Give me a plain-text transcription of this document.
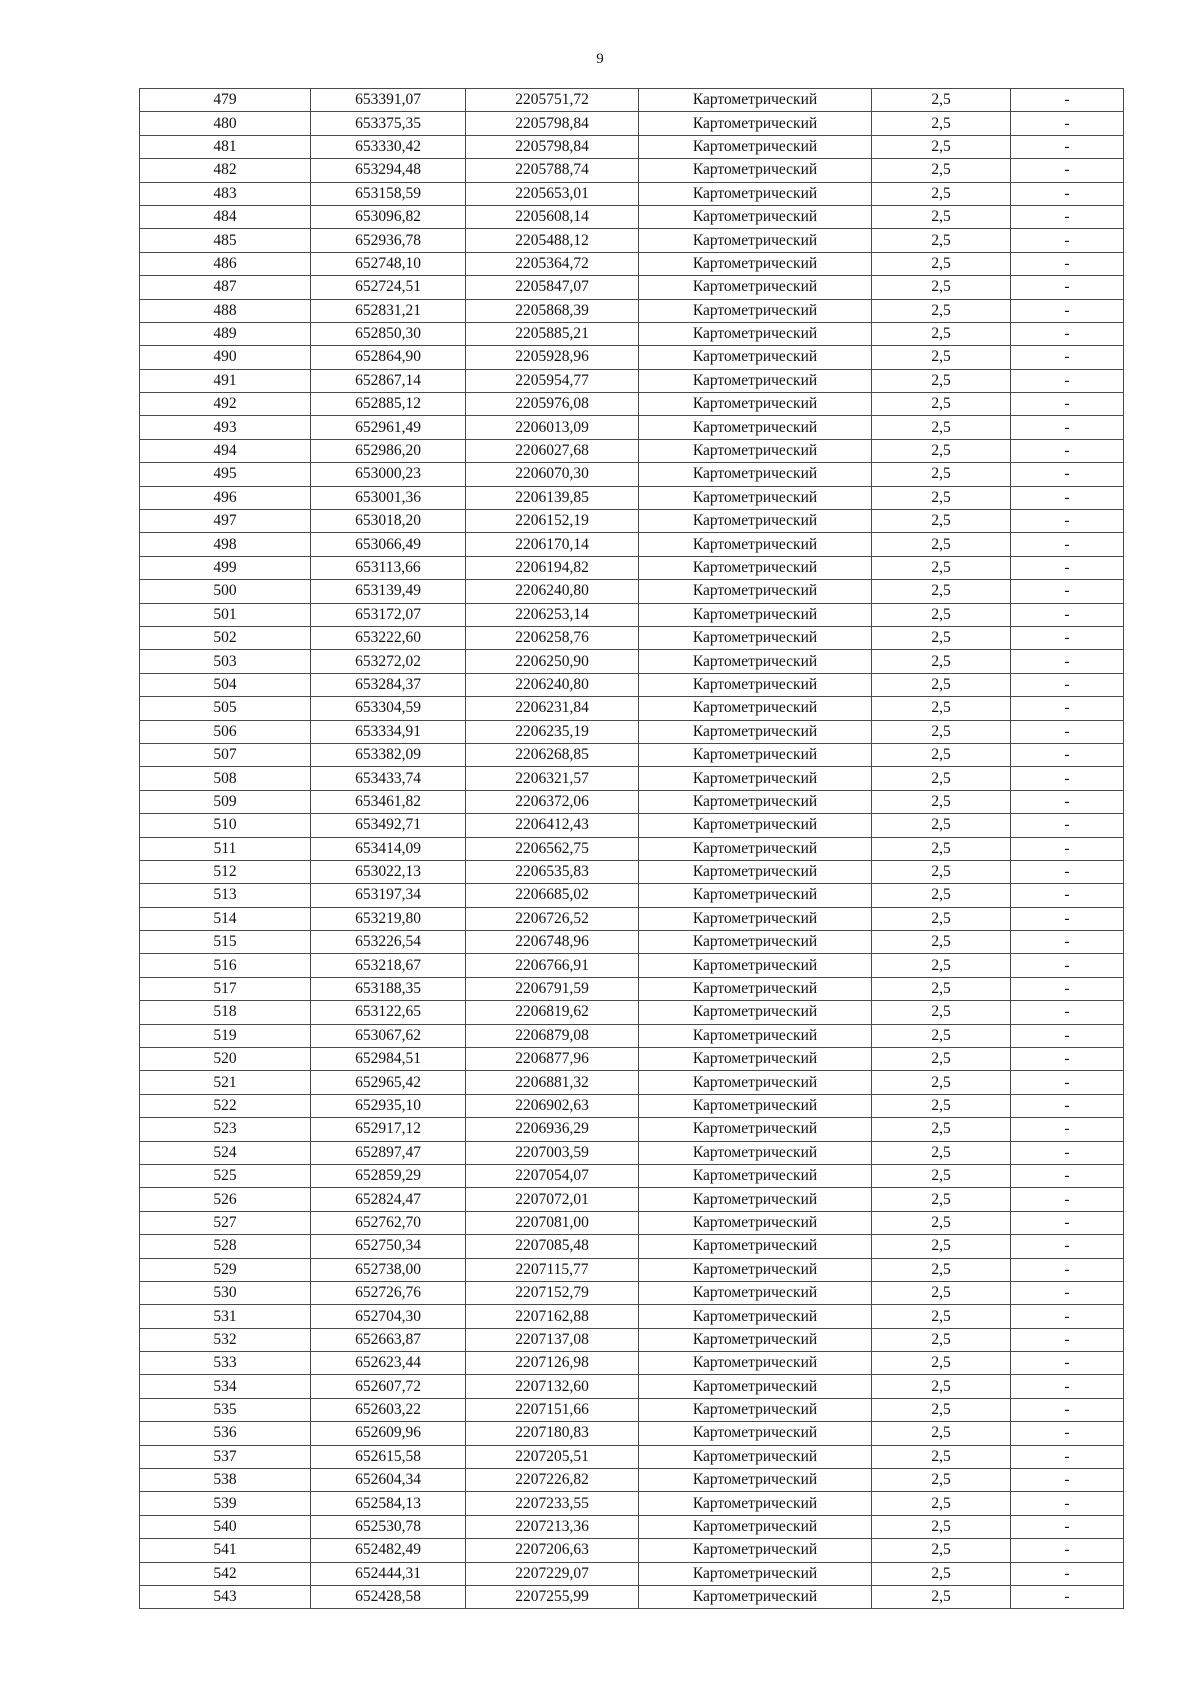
9
479	653391,07	2205751,72	Картометрический	2,5	-
480	653375,35	2205798,84	Картометрический	2,5	-
481	653330,42	2205798,84	Картометрический	2,5	-
482	653294,48	2205788,74	Картометрический	2,5	-
483	653158,59	2205653,01	Картометрический	2,5	-
484	653096,82	2205608,14	Картометрический	2,5	-
485	652936,78	2205488,12	Картометрический	2,5	-
486	652748,10	2205364,72	Картометрический	2,5	-
487	652724,51	2205847,07	Картометрический	2,5	-
488	652831,21	2205868,39	Картометрический	2,5	-
489	652850,30	2205885,21	Картометрический	2,5	-
490	652864,90	2205928,96	Картометрический	2,5	-
491	652867,14	2205954,77	Картометрический	2,5	-
492	652885,12	2205976,08	Картометрический	2,5	-
493	652961,49	2206013,09	Картометрический	2,5	-
494	652986,20	2206027,68	Картометрический	2,5	-
495	653000,23	2206070,30	Картометрический	2,5	-
496	653001,36	2206139,85	Картометрический	2,5	-
497	653018,20	2206152,19	Картометрический	2,5	-
498	653066,49	2206170,14	Картометрический	2,5	-
499	653113,66	2206194,82	Картометрический	2,5	-
500	653139,49	2206240,80	Картометрический	2,5	-
501	653172,07	2206253,14	Картометрический	2,5	-
502	653222,60	2206258,76	Картометрический	2,5	-
503	653272,02	2206250,90	Картометрический	2,5	-
504	653284,37	2206240,80	Картометрический	2,5	-
505	653304,59	2206231,84	Картометрический	2,5	-
506	653334,91	2206235,19	Картометрический	2,5	-
507	653382,09	2206268,85	Картометрический	2,5	-
508	653433,74	2206321,57	Картометрический	2,5	-
509	653461,82	2206372,06	Картометрический	2,5	-
510	653492,71	2206412,43	Картометрический	2,5	-
511	653414,09	2206562,75	Картометрический	2,5	-
512	653022,13	2206535,83	Картометрический	2,5	-
513	653197,34	2206685,02	Картометрический	2,5	-
514	653219,80	2206726,52	Картометрический	2,5	-
515	653226,54	2206748,96	Картометрический	2,5	-
516	653218,67	2206766,91	Картометрический	2,5	-
517	653188,35	2206791,59	Картометрический	2,5	-
518	653122,65	2206819,62	Картометрический	2,5	-
519	653067,62	2206879,08	Картометрический	2,5	-
520	652984,51	2206877,96	Картометрический	2,5	-
521	652965,42	2206881,32	Картометрический	2,5	-
522	652935,10	2206902,63	Картометрический	2,5	-
523	652917,12	2206936,29	Картометрический	2,5	-
524	652897,47	2207003,59	Картометрический	2,5	-
525	652859,29	2207054,07	Картометрический	2,5	-
526	652824,47	2207072,01	Картометрический	2,5	-
527	652762,70	2207081,00	Картометрический	2,5	-
528	652750,34	2207085,48	Картометрический	2,5	-
529	652738,00	2207115,77	Картометрический	2,5	-
530	652726,76	2207152,79	Картометрический	2,5	-
531	652704,30	2207162,88	Картометрический	2,5	-
532	652663,87	2207137,08	Картометрический	2,5	-
533	652623,44	2207126,98	Картометрический	2,5	-
534	652607,72	2207132,60	Картометрический	2,5	-
535	652603,22	2207151,66	Картометрический	2,5	-
536	652609,96	2207180,83	Картометрический	2,5	-
537	652615,58	2207205,51	Картометрический	2,5	-
538	652604,34	2207226,82	Картометрический	2,5	-
539	652584,13	2207233,55	Картометрический	2,5	-
540	652530,78	2207213,36	Картометрический	2,5	-
541	652482,49	2207206,63	Картометрический	2,5	-
542	652444,31	2207229,07	Картометрический	2,5	-
543	652428,58	2207255,99	Картометрический	2,5	-
